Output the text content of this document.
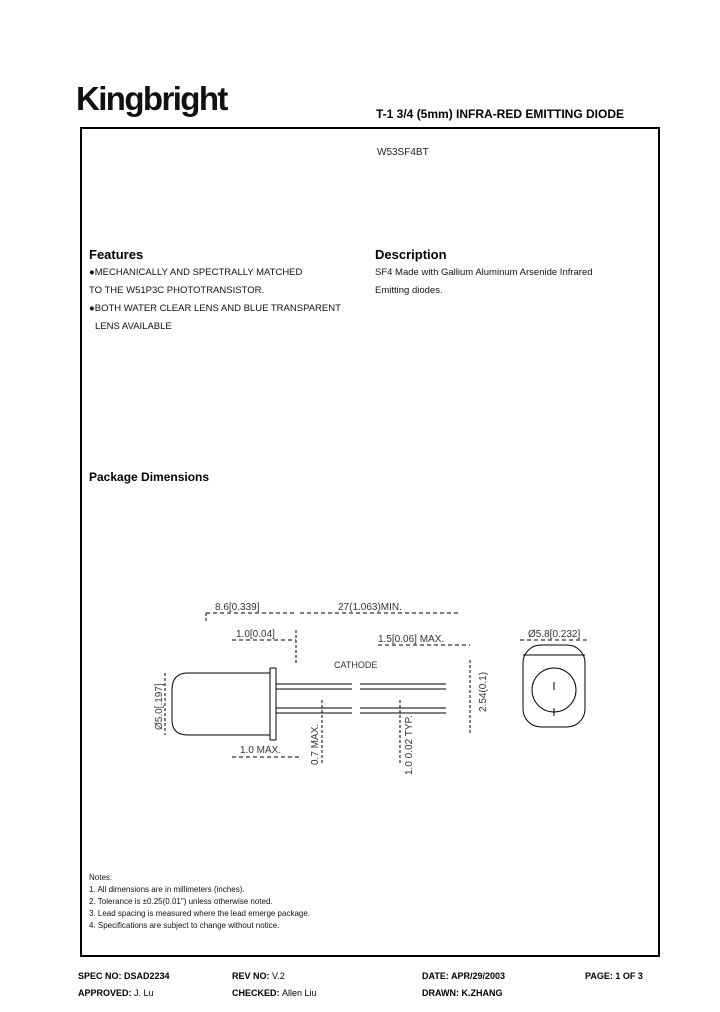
Kingbright	T-1 3/4 (5mm) INFRA-RED EMITTING DIODE
W53SF4BT
Features
●MECHANICALLY AND SPECTRALLY MATCHED
TO THE W51P3C PHOTOTRANSISTOR.
●BOTH WATER CLEAR LENS AND BLUE TRANSPARENT
LENS AVAILABLE
Description
SF4 Made with Gallium Aluminum Arsenide Infrared
Emitting diodes.
Package Dimensions
8.6[0.339]	27(1.063)MIN.
1.0[0.04]	1.5[0.06] MAX.	Ø5.8[0.232]
CATHODE
1.0 MAX.
Ø5.0[.197]	2.54(0.1)
0.7 MAX.	1.0 0.02 TYP.
Notes:
1. All dimensions are in millimeters (inches).
2. Tolerance is ±0.25(0.01") unless otherwise noted.
3. Lead spacing is measured where the lead emerge package.
4. Specifications are subject to change without notice.
SPEC NO: DSAD2234	REV NO: V.2	DATE: APR/29/2003	PAGE: 1 OF 3
APPROVED: J. Lu	CHECKED: Allen Liu	DRAWN: K.ZHANG
